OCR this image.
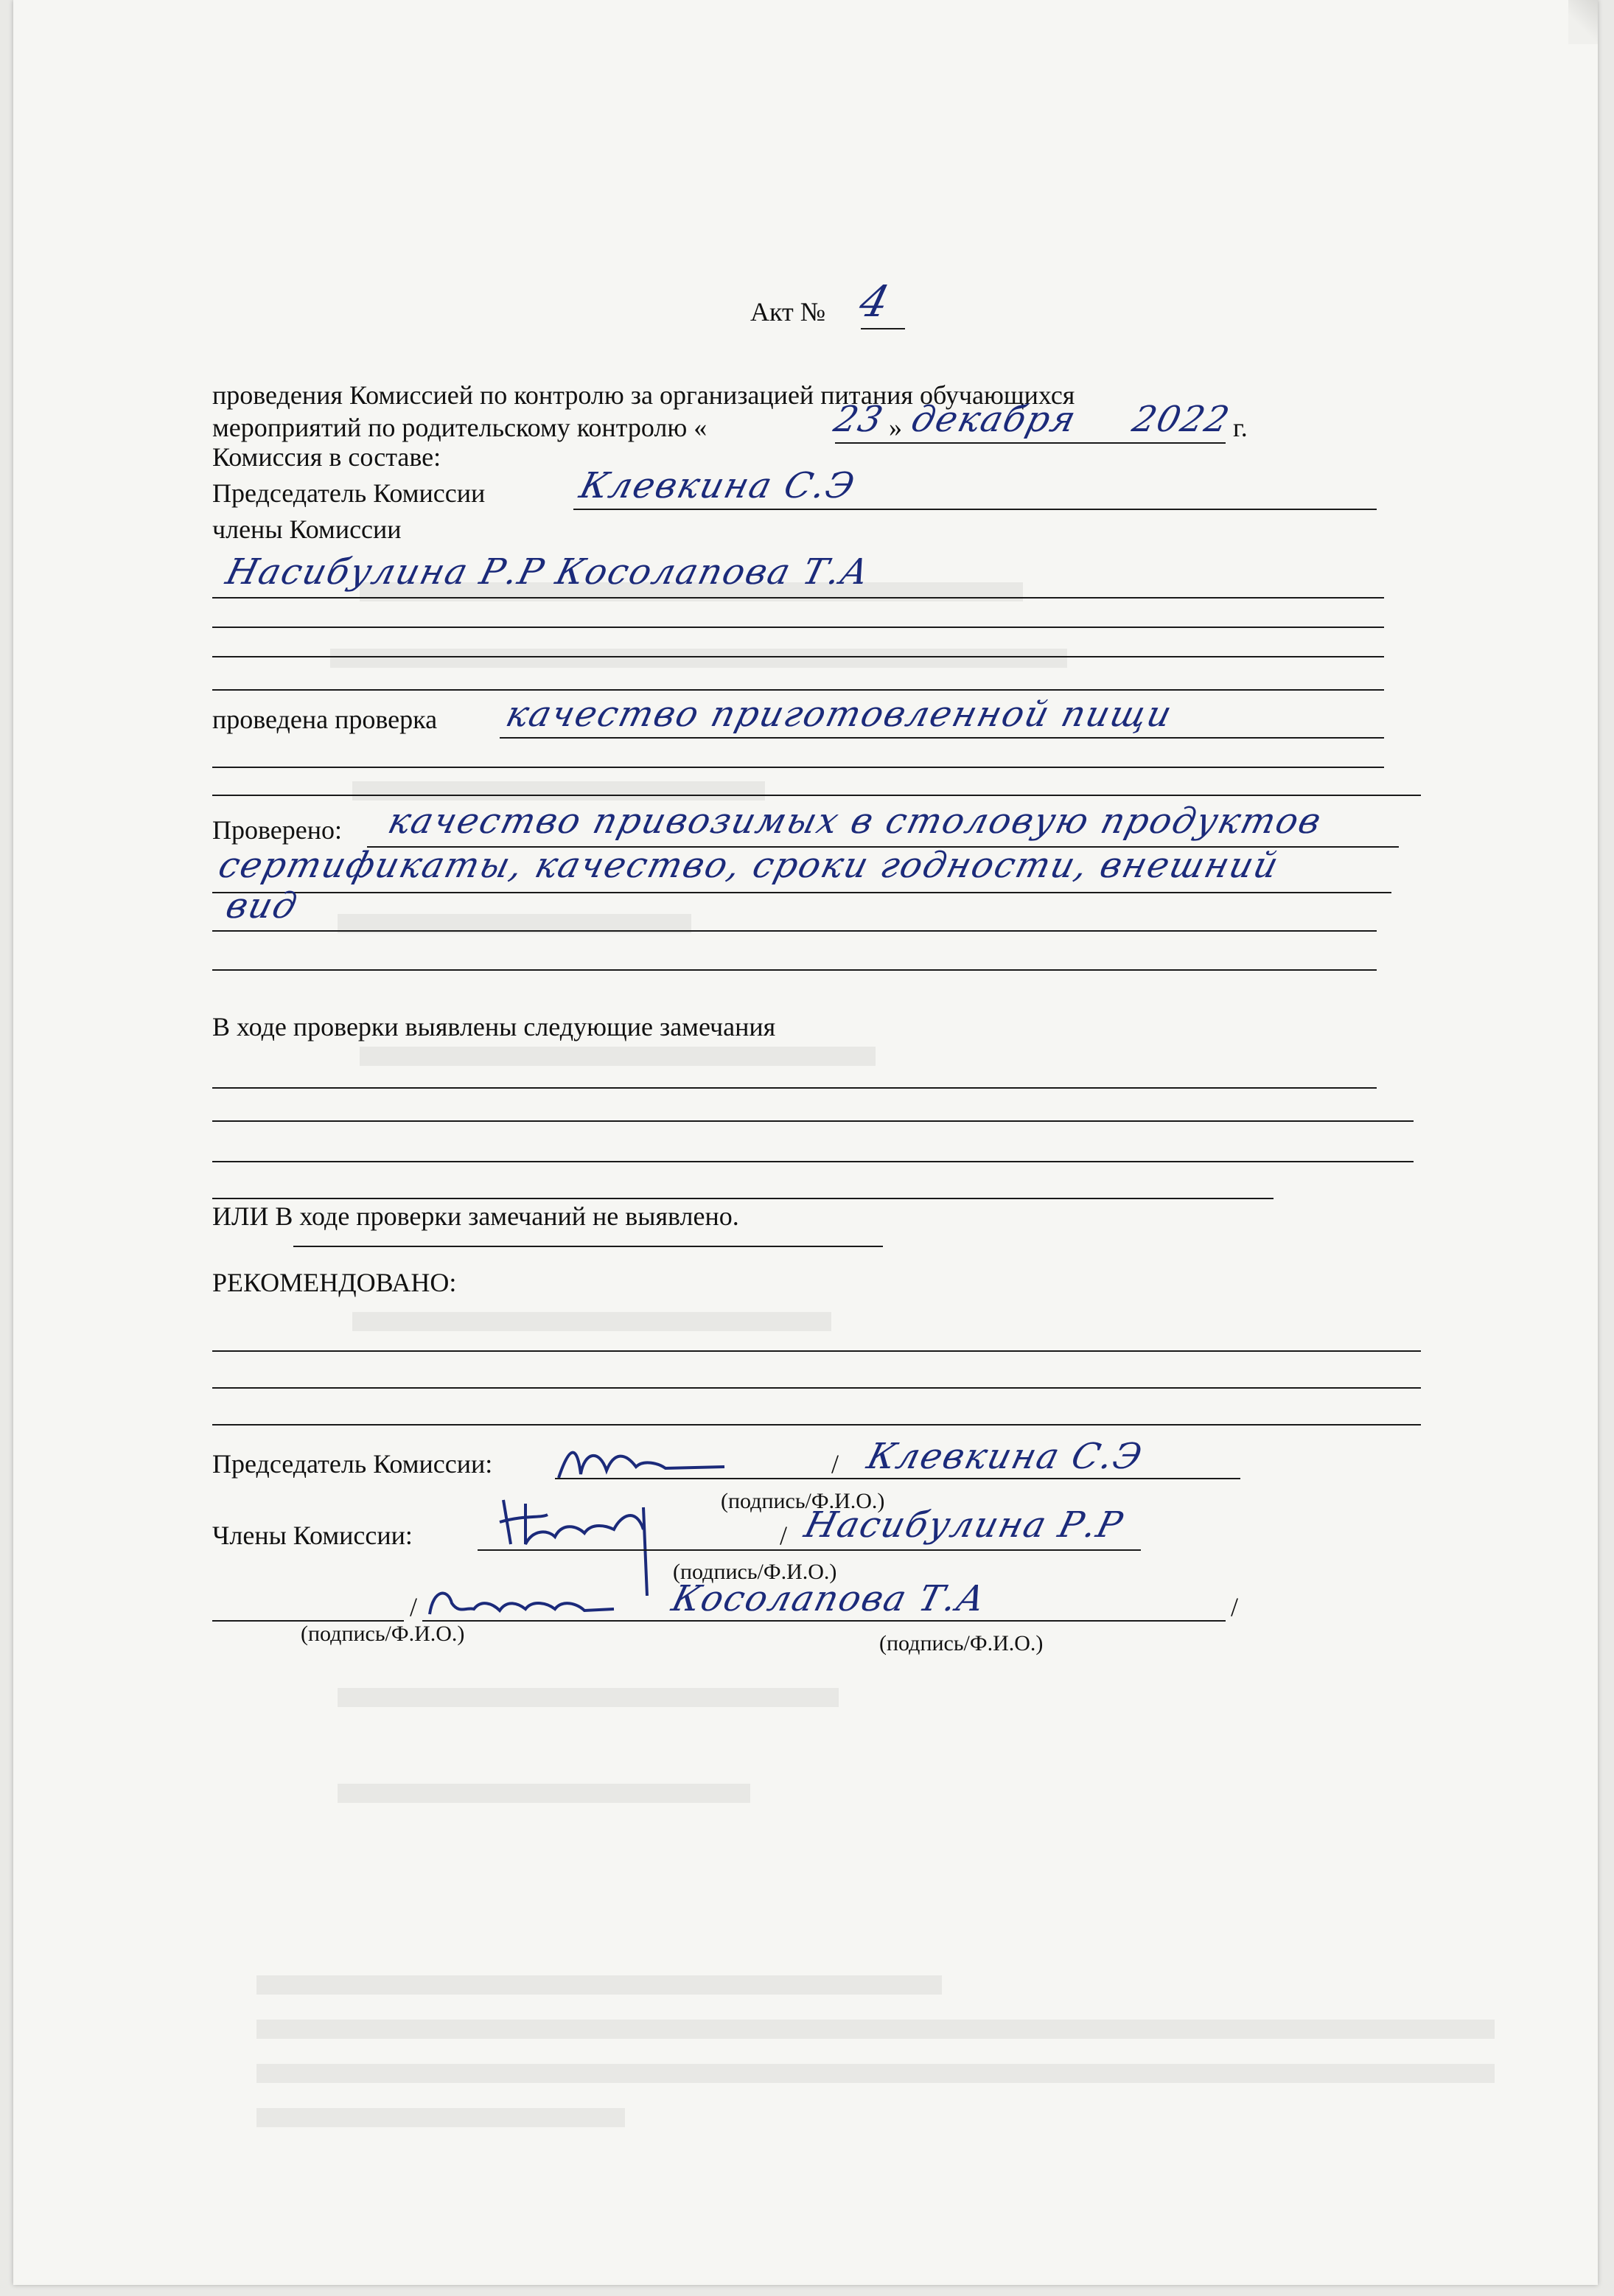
Акт № 4
проведения Комиссией по контролю за организацией питания обучающихся
мероприятий по родительскому контролю «	23 » декабря 2022
г.
Комиссия в составе:
Председатель Комиссии	Клевкина С.Э
члены Комиссии
Насибулина Р.Р Косолапова Т.А
проведена проверка качество приготовленной пищи
Проверено: качество привозимых в столовую продуктов
сертификаты, качество, сроки годности, внешний
вид
В ходе проверки выявлены следующие замечания
ИЛИ В ходе проверки замечаний не выявлено.
РЕКОМЕНДОВАНО:
Председатель Комиссии:	/ Клевкина С.Э
(подпись/Ф.И.О.)
Члены Комиссии:	/ Насибулина Р.Р
(подпись/Ф.И.О.)
/	Косолапова Т.А	/
(подпись/Ф.И.О.)	(подпись/Ф.И.О.)
